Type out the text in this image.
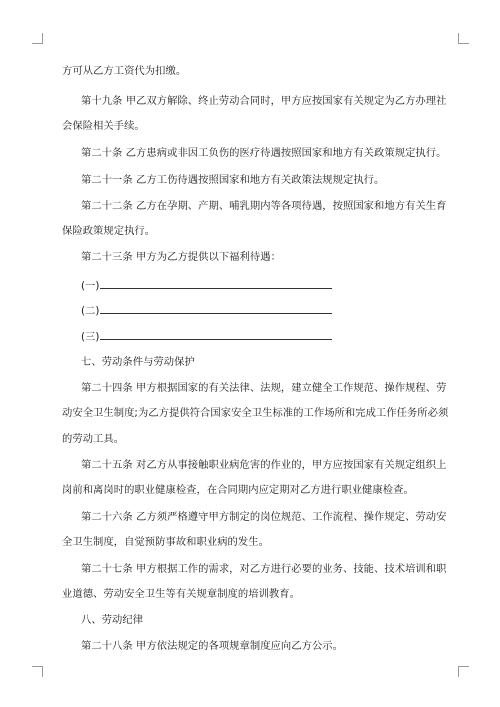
方可从乙方工资代为扣缴。
第十九条 甲乙双方解除、终止劳动合同时，甲方应按国家有关规定为乙方办理社
会保险相关手续。
第二十条 乙方患病或非因工负伤的医疗待遇按照国家和地方有关政策规定执行。
第二十一条 乙方工伤待遇按照国家和地方有关政策法规规定执行。
第二十二条 乙方在孕期、产期、哺乳期内等各项待遇，按照国家和地方有关生育
保险政策规定执行。
第二十三条 甲方为乙方提供以下福利待遇：
(一)
(二)
(三)
七、劳动条件与劳动保护
第二十四条 甲方根据国家的有关法律、法规，建立健全工作规范、操作规程、劳
动安全卫生制度;为乙方提供符合国家安全卫生标准的工作场所和完成工作任务所必须
的劳动工具。
第二十五条 对乙方从事接触职业病危害的作业的，甲方应按国家有关规定组织上
岗前和离岗时的职业健康检查，在合同期内应定期对乙方进行职业健康检查。
第二十六条 乙方须严格遵守甲方制定的岗位规范、工作流程、操作规定、劳动安
全卫生制度，自觉预防事故和职业病的发生。
第二十七条 甲方根据工作的需求，对乙方进行必要的业务、技能、技术培训和职
业道德、劳动安全卫生等有关规章制度的培训教育。
八、劳动纪律
第二十八条 甲方依法规定的各项规章制度应向乙方公示。
